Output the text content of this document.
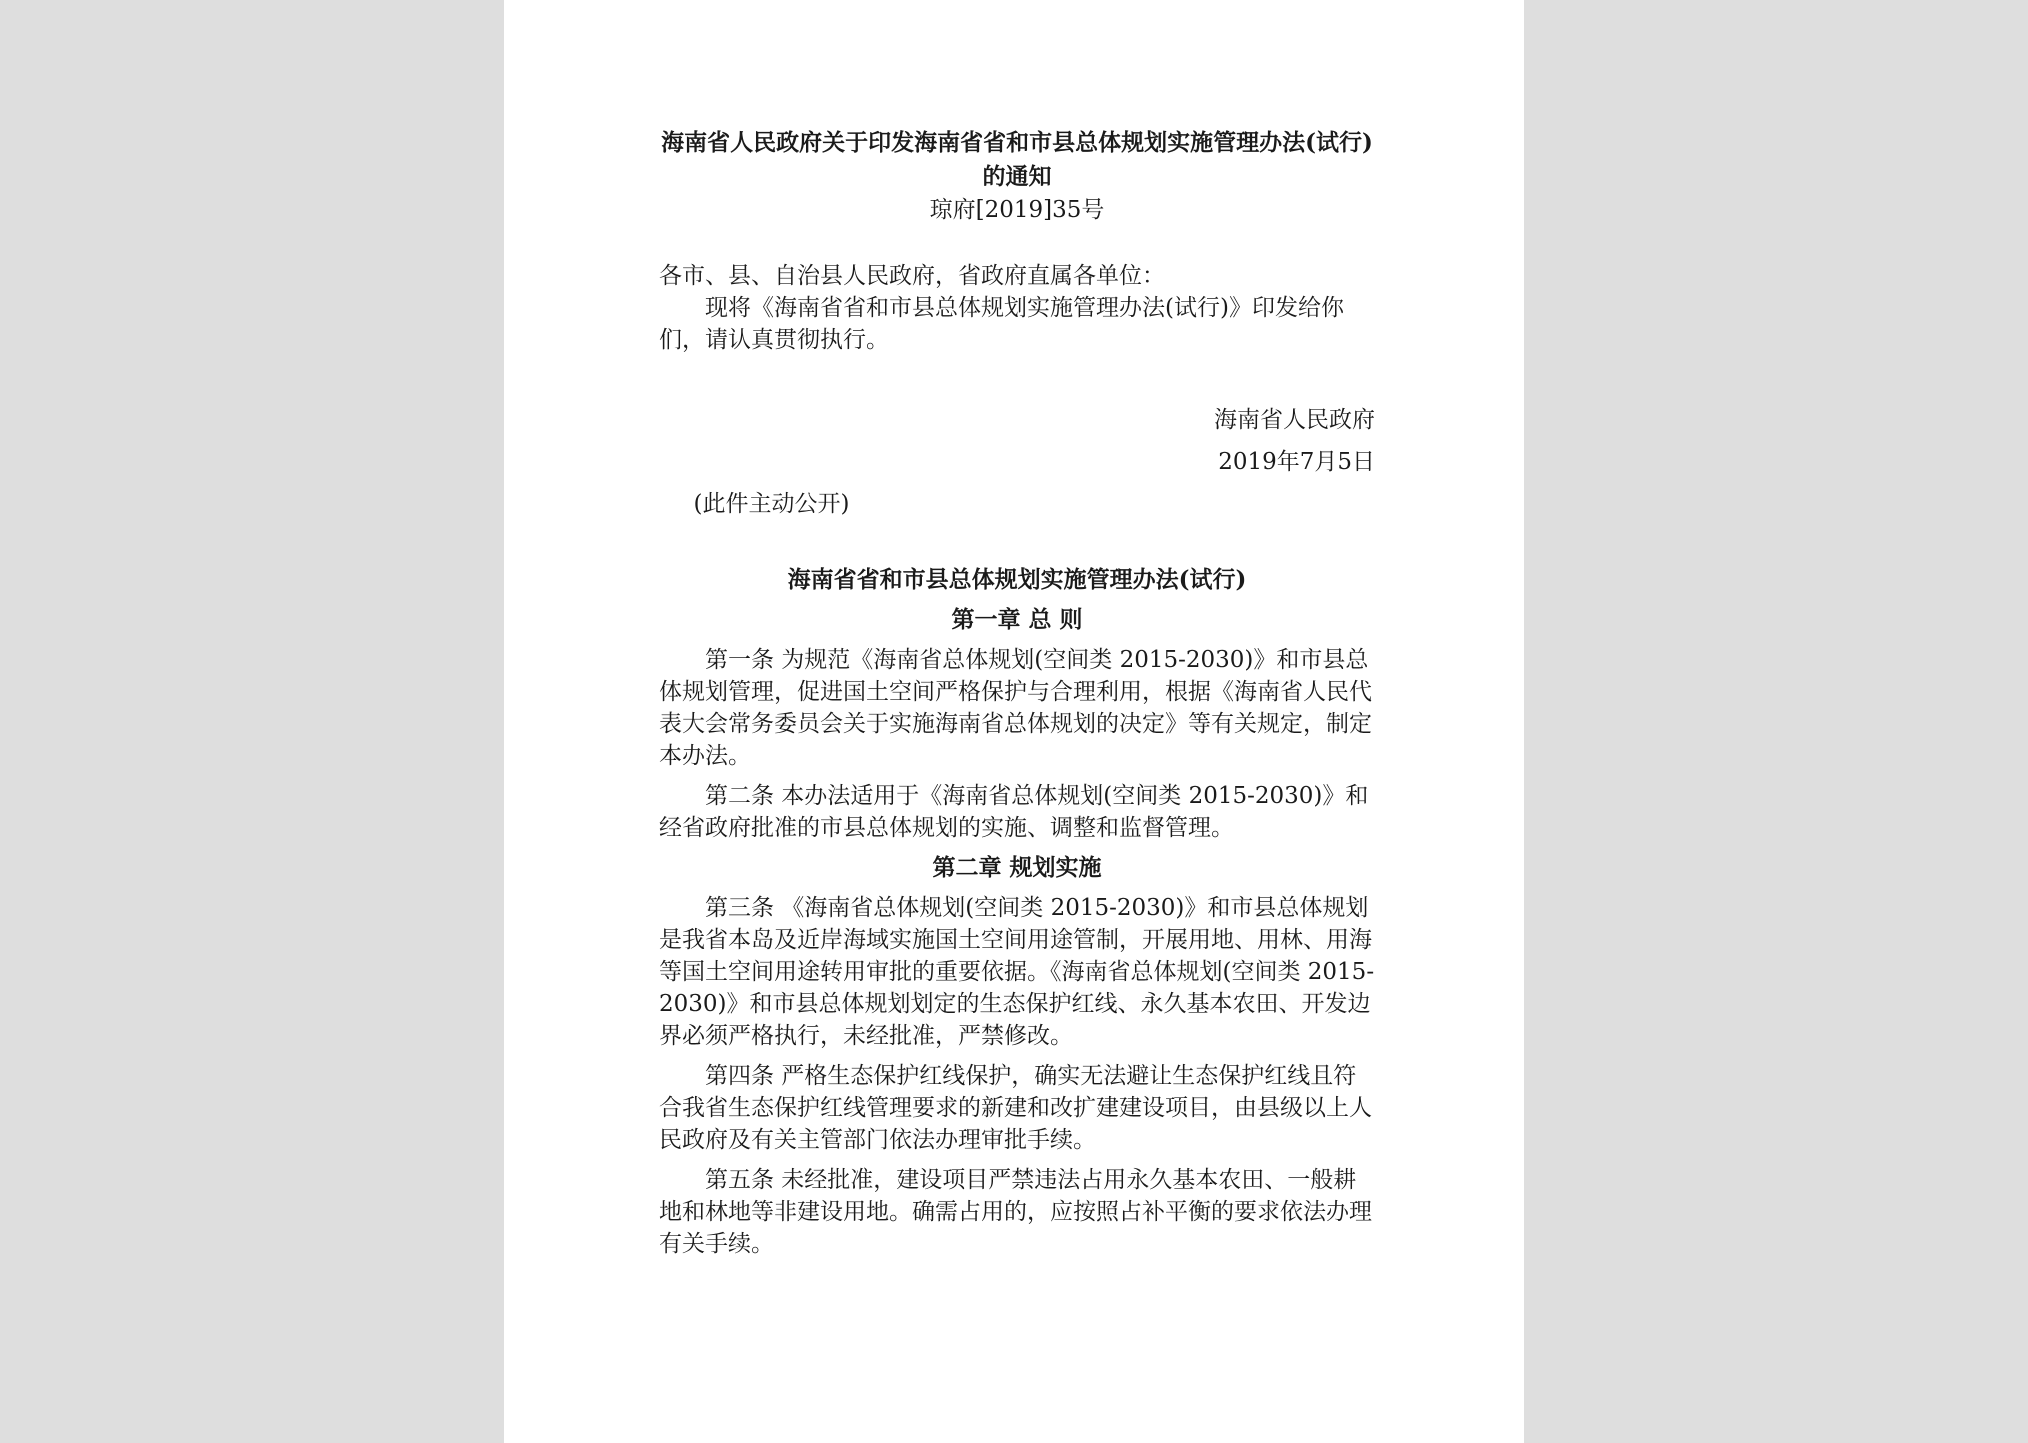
海南省人民政府关于印发海南省省和市县总体规划实施管理办法(试行)的通知

琼府[2019]35号

各市、县、自治县人民政府，省政府直属各单位：

现将《海南省省和市县总体规划实施管理办法(试行)》印发给你们，请认真贯彻执行。

海南省人民政府

2019年7月5日

(此件主动公开)

海南省省和市县总体规划实施管理办法(试行)

第一章 总 则

第一条 为规范《海南省总体规划(空间类 2015-2030)》和市县总体规划管理，促进国土空间严格保护与合理利用，根据《海南省人民代表大会常务委员会关于实施海南省总体规划的决定》等有关规定，制定本办法。

第二条 本办法适用于《海南省总体规划(空间类 2015-2030)》和经省政府批准的市县总体规划的实施、调整和监督管理。

第二章 规划实施

第三条 《海南省总体规划(空间类 2015-2030)》和市县总体规划是我省本岛及近岸海域实施国土空间用途管制，开展用地、用林、用海等国土空间用途转用审批的重要依据。《海南省总体规划(空间类 2015-2030)》和市县总体规划划定的生态保护红线、永久基本农田、开发边界必须严格执行，未经批准，严禁修改。

第四条 严格生态保护红线保护，确实无法避让生态保护红线且符合我省生态保护红线管理要求的新建和改扩建建设项目，由县级以上人民政府及有关主管部门依法办理审批手续。

第五条 未经批准，建设项目严禁违法占用永久基本农田、一般耕地和林地等非建设用地。确需占用的，应按照占补平衡的要求依法办理有关手续。
